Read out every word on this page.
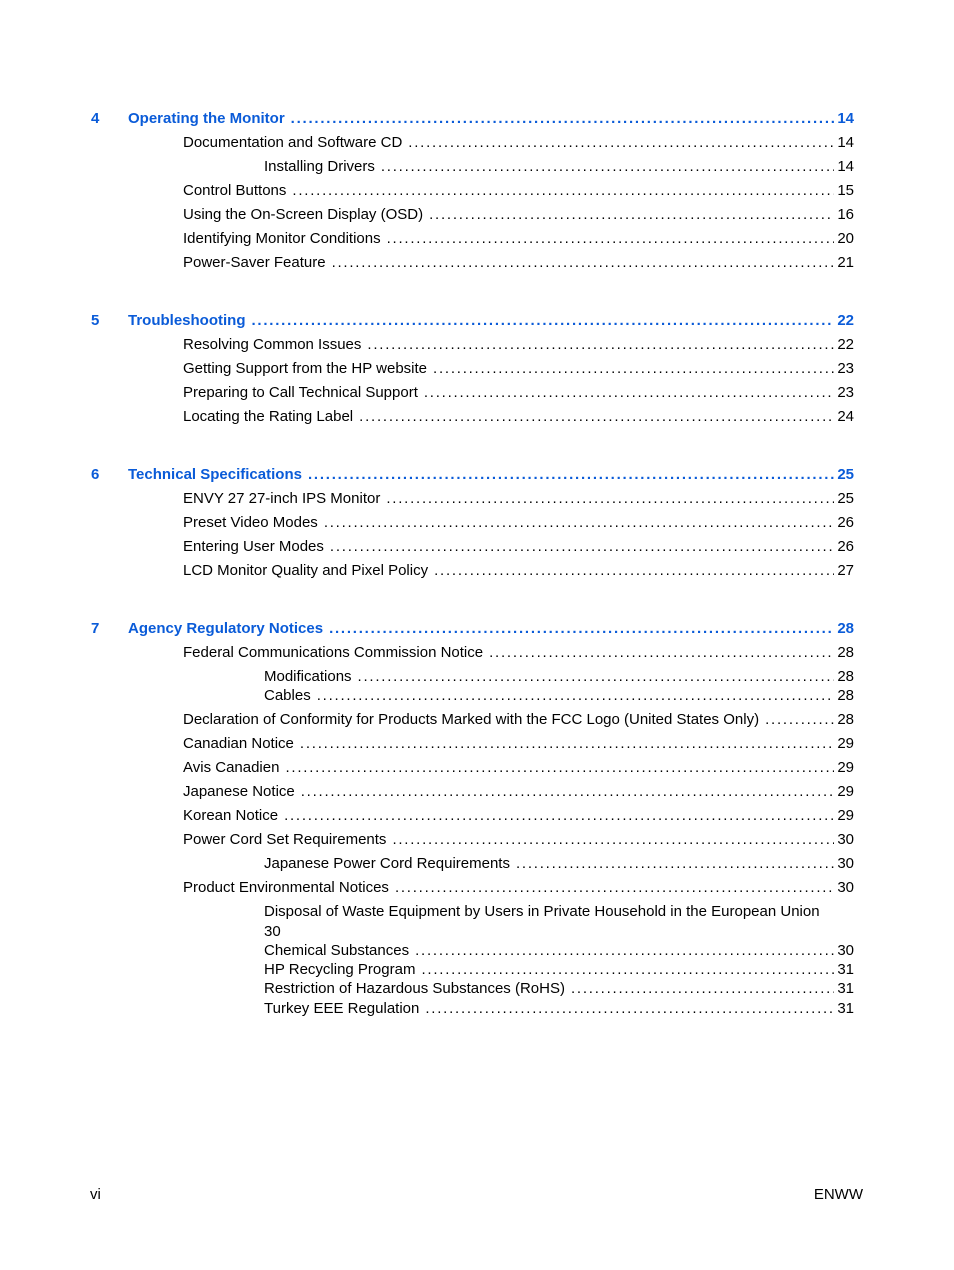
4 Operating the Monitor . . .	14
Documentation and Software CD . . .	14
Installing Drivers . . .	14
Control Buttons . . .	15
Using the On-Screen Display (OSD) . . .	16
Identifying Monitor Conditions . . .	20
Power-Saver Feature . . .	21
5 Troubleshooting . . .	22
Resolving Common Issues . . .	22
Getting Support from the HP website . . .	23
Preparing to Call Technical Support . . .	23
Locating the Rating Label . . .	24
6 Technical Specifications . . .	25
ENVY 27 27-inch IPS Monitor . . .	25
Preset Video Modes . . .	26
Entering User Modes . . .	26
LCD Monitor Quality and Pixel Policy . . .	27
7 Agency Regulatory Notices . . .	28
Federal Communications Commission Notice . . .	28
Modifications . . .	28
Cables . . .	28
Declaration of Conformity for Products Marked with the FCC Logo (United States Only) . . .	28
Canadian Notice . . .	29
Avis Canadien . . .	29
Japanese Notice . . .	29
Korean Notice . . .	29
Power Cord Set Requirements . . .	30
Japanese Power Cord Requirements . . .	30
Product Environmental Notices . . .	30
Disposal of Waste Equipment by Users in Private Household in the European Union
30
Chemical Substances . . .	30
HP Recycling Program . . .	31
Restriction of Hazardous Substances (RoHS) . . .	31
Turkey EEE Regulation . . .	31
vi	ENWW
